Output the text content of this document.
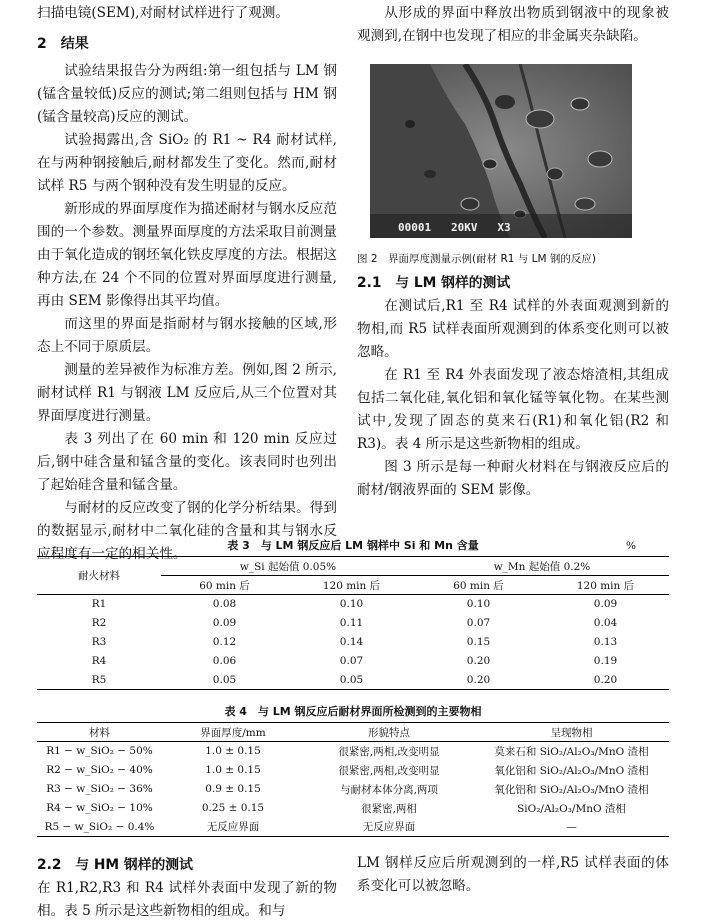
扫描电镜(SEM),对耐材试样进行了观测。

2　结果

试验结果报告分为两组:第一组包括与 LM 钢(锰含量较低)反应的测试;第二组则包括与 HM 钢(锰含量较高)反应的测试。

试验揭露出,含 SiO₂ 的 R1 ~ R4 耐材试样,在与两种钢接触后,耐材都发生了变化。然而,耐材试样 R5 与两个钢种没有发生明显的反应。

新形成的界面厚度作为描述耐材与钢水反应范围的一个参数。测量界面厚度的方法采取目前测量由于氧化造成的钢坯氧化铁皮厚度的方法。根据这种方法,在 24 个不同的位置对界面厚度进行测量,再由 SEM 影像得出其平均值。

而这里的界面是指耐材与钢水接触的区域,形态上不同于原质层。

测量的差异被作为标准方差。例如,图 2 所示,耐材试样 R1 与钢液 LM 反应后,从三个位置对其界面厚度进行测量。

表 3 列出了在 60 min 和 120 min 反应过后,钢中硅含量和锰含量的变化。该表同时也列出了起始硅含量和锰含量。

与耐材的反应改变了钢的化学分析结果。得到的数据显示,耐材中二氧化硅的含量和其与钢水反应程度有一定的相关性。

从形成的界面中释放出物质到钢液中的现象被观测到,在钢中也发现了相应的非金属夹杂缺陷。

00001   20KV   X3

图 2　界面厚度测量示例(耐材 R1 与 LM 钢的反应)

2.1　与 LM 钢样的测试

在测试后,R1 至 R4 试样的外表面观测到新的物相,而 R5 试样表面所观测到的体系变化则可以被忽略。

在 R1 至 R4 外表面发现了液态熔渣相,其组成包括二氧化硅,氧化铝和氧化锰等氧化物。在某些测试中,发现了固态的莫来石(R1)和氧化铝(R2 和 R3)。表 4 所示是这些新物相的组成。

图 3 所示是每一种耐火材料在与钢液反应后的耐材/钢液界面的 SEM 影像。

表 3　与 LM 钢反应后 LM 钢样中 Si 和 Mn 含量	%
耐火材料	w_Si 起始值 0.05%		w_Mn 起始值 0.2%	
	60 min 后	120 min 后	60 min 后	120 min 后
R1	0.08	0.10	0.10	0.09
R2	0.09	0.11	0.07	0.04
R3	0.12	0.14	0.15	0.13
R4	0.06	0.07	0.20	0.19
R5	0.05	0.05	0.20	0.20
表 4　与 LM 钢反应后耐材界面所检测到的主要物相
材料	界面厚度/mm	形貌特点	呈现物相
R1 − w_SiO₂ − 50%	1.0 ± 0.15	很紧密,两相,改变明显	莫来石和 SiO₂/Al₂O₃/MnO 渣相
R2 − w_SiO₂ − 40%	1.0 ± 0.15	很紧密,两相,改变明显	氧化铝和 SiO₂/Al₂O₃/MnO 渣相
R3 − w_SiO₂ − 36%	0.9 ± 0.15	与耐材本体分离,两项	氧化铝和 SiO₂/Al₂O₃/MnO 渣相
R4 − w_SiO₂ − 10%	0.25 ± 0.15	很紧密,两相	SiO₂/Al₂O₃/MnO 渣相
R5 − w_SiO₂ − 0.4%	无反应界面	无反应界面	—

2.2　与 HM 钢样的测试

在 R1,R2,R3 和 R4 试样外表面中发现了新的物相。表 5 所示是这些新物相的组成。和与

LM 钢样反应后所观测到的一样,R5 试样表面的体系变化可以被忽略。
